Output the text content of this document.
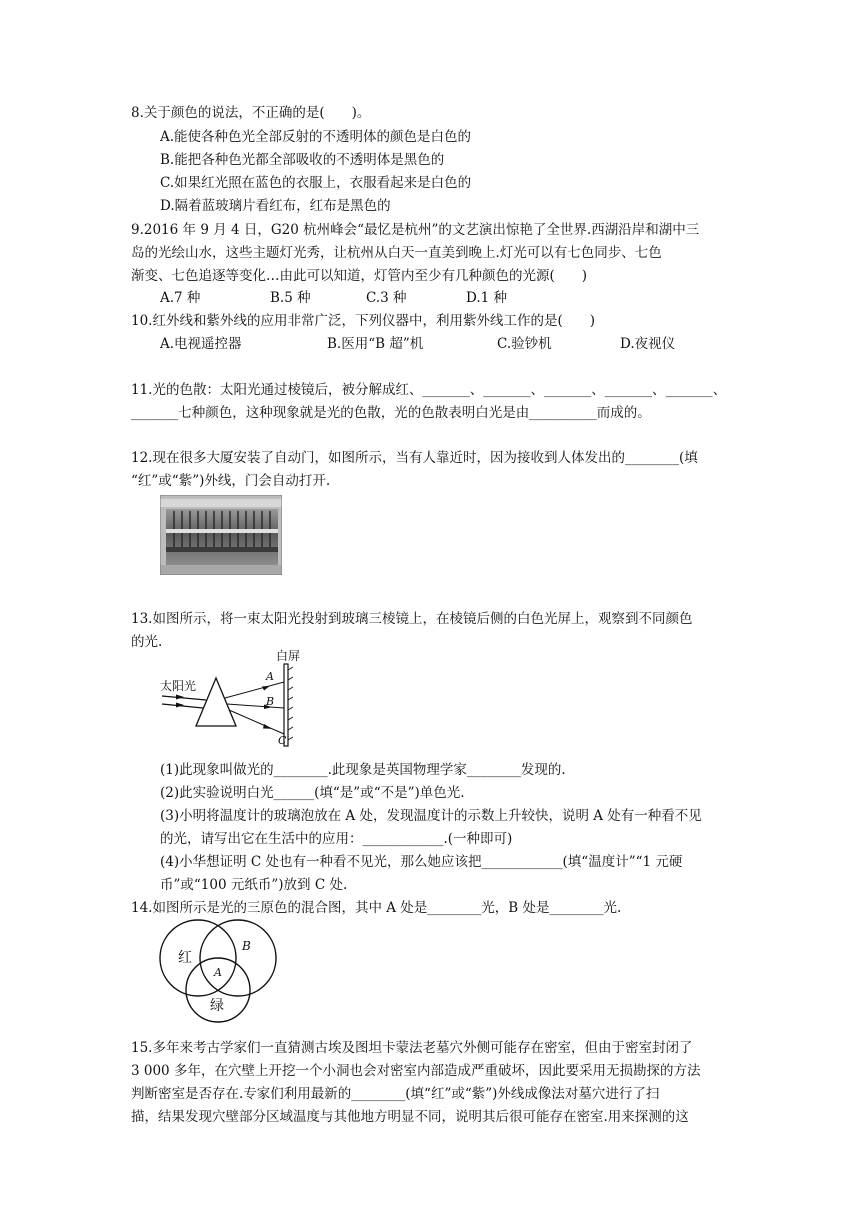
8.关于颜色的说法，不正确的是(　　)。
A.能使各种色光全部反射的不透明体的颜色是白色的
B.能把各种色光都全部吸收的不透明体是黑色的
C.如果红光照在蓝色的衣服上，衣服看起来是白色的
D.隔着蓝玻璃片看红布，红布是黑色的
9.2016 年 9 月 4 日，G20 杭州峰会“最忆是杭州”的文艺演出惊艳了全世界.西湖沿岸和湖中三
岛的光绘山水，这些主题灯光秀，让杭州从白天一直美到晚上.灯光可以有七色同步、七色
渐变、七色追逐等变化…由此可以知道，灯管内至少有几种颜色的光源(　　)
A.7 种	B.5 种	C.3 种	D.1 种
10.红外线和紫外线的应用非常广泛，下列仪器中，利用紫外线工作的是(　　)
A.电视遥控器	B.医用“B 超”机	C.验钞机	D.夜视仪
11.光的色散：太阳光通过棱镜后，被分解成红、_______、_______、_______、_______、_______、
_______七种颜色，这种现象就是光的色散，光的色散表明白光是由__________而成的。
12.现在很多大厦安装了自动门，如图所示，当有人靠近时，因为接收到人体发出的________(填
“红”或“紫”)外线，门会自动打开.
13.如图所示，将一束太阳光投射到玻璃三棱镜上，在棱镜后侧的白色光屏上，观察到不同颜色
的光.
白屏
太阳光
A
B
C
(1)此现象叫做光的________.此现象是英国物理学家________发现的.
(2)此实验说明白光______(填“是”或“不是”)单色光.
(3)小明将温度计的玻璃泡放在 A 处，发现温度计的示数上升较快，说明 A 处有一种看不见
的光，请写出它在生活中的应用：____________.(一种即可)
(4)小华想证明 C 处也有一种看不见光，那么她应该把____________(填“温度计”“1 元硬
币”或“100 元纸币”)放到 C 处.
14.如图所示是光的三原色的混合图，其中 A 处是________光，B 处是________光.
红
B
A
绿
15.多年来考古学家们一直猜测古埃及图坦卡蒙法老墓穴外侧可能存在密室，但由于密室封闭了
3 000 多年，在穴壁上开挖一个小洞也会对密室内部造成严重破坏，因此要采用无损勘探的方法
判断密室是否存在.专家们利用最新的________(填“红”或“紫”)外线成像法对墓穴进行了扫
描，结果发现穴壁部分区域温度与其他地方明显不同，说明其后很可能存在密室.用来探测的这
